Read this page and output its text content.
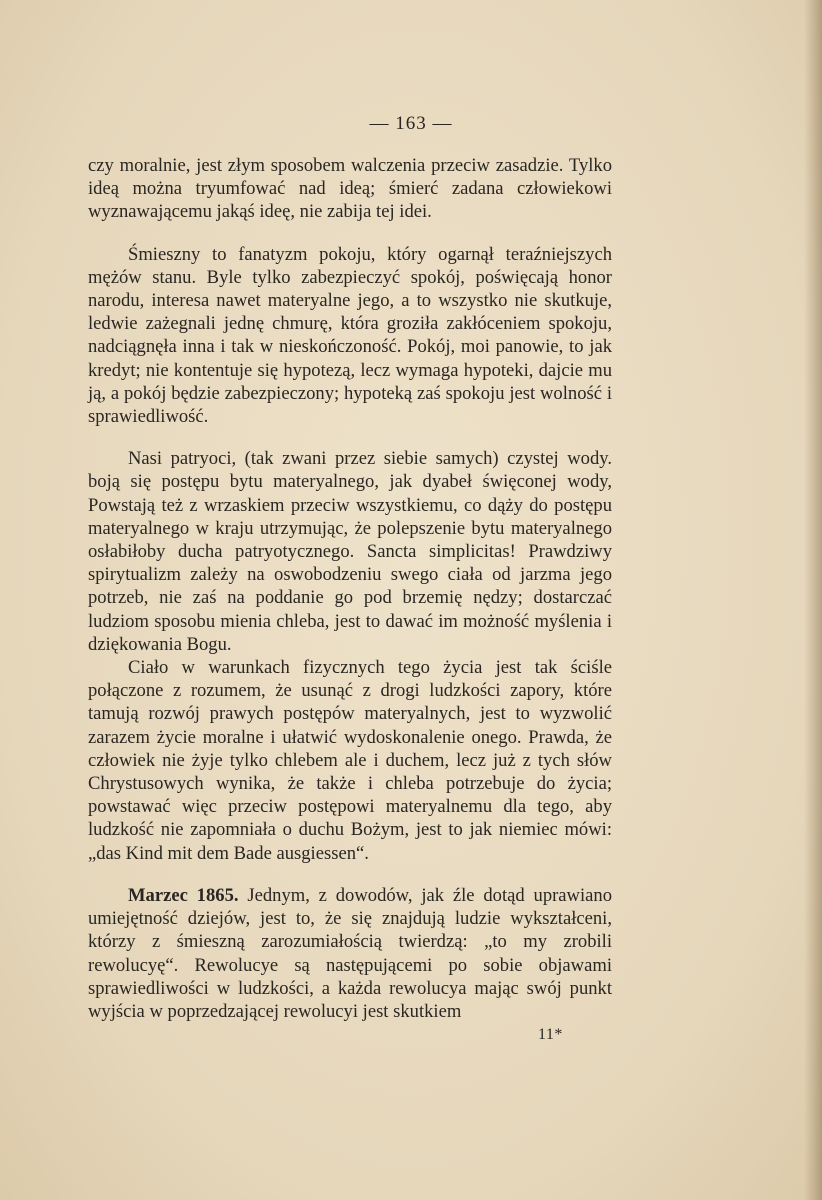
— 163 —

czy moralnie, jest złym sposobem walczenia przeciw zasadzie. Tylko ideą można tryumfować nad ideą; śmierć zadana człowiekowi wyznawającemu jakąś ideę, nie zabija tej idei.

Śmieszny to fanatyzm pokoju, który ogarnął teraźniejszych mężów stanu. Byle tylko zabezpieczyć spokój, poświęcają honor narodu, interesa nawet materyalne jego, a to wszystko nie skutkuje, ledwie zażegnali jednę chmurę, która groziła zakłóceniem spokoju, nadciągnęła inna i tak w nieskończoność. Pokój, moi panowie, to jak kredyt; nie kontentuje się hypotezą, lecz wymaga hypoteki, dajcie mu ją, a pokój będzie zabezpieczony; hypoteką zaś spokoju jest wolność i sprawiedliwość.

Nasi patryoci, (tak zwani przez siebie samych) czystej wody. boją się postępu bytu materyalnego, jak dyabeł święconej wody, Powstają też z wrzaskiem przeciw wszystkiemu, co dąży do postępu materyalnego w kraju utrzymując, że polepszenie bytu materyalnego osłabiłoby ducha patryotycznego. Sancta simplicitas! Prawdziwy spirytualizm zależy na oswobodzeniu swego ciała od jarzma jego potrzeb, nie zaś na poddanie go pod brzemię nędzy; dostarczać ludziom sposobu mienia chleba, jest to dawać im możność myślenia i dziękowania Bogu.

Ciało w warunkach fizycznych tego życia jest tak ściśle połączone z rozumem, że usunąć z drogi ludzkości zapory, które tamują rozwój prawych postępów materyalnych, jest to wyzwolić zarazem życie moralne i ułatwić wydoskonalenie onego. Prawda, że człowiek nie żyje tylko chlebem ale i duchem, lecz już z tych słów Chrystusowych wynika, że także i chleba potrzebuje do życia; powstawać więc przeciw postępowi materyalnemu dla tego, aby ludzkość nie zapomniała o duchu Bożym, jest to jak niemiec mówi: „das Kind mit dem Bade ausgiessen“.

Marzec 1865. Jednym, z dowodów, jak źle dotąd uprawiano umiejętność dziejów, jest to, że się znajdują ludzie wykształceni, którzy z śmieszną zarozumiałością twierdzą: „to my zrobili rewolucyę“. Rewolucye są następującemi po sobie objawami sprawiedliwości w ludzkości, a każda rewolucya mając swój punkt wyjścia w poprzedzającej rewolucyi jest skutkiem

11*
